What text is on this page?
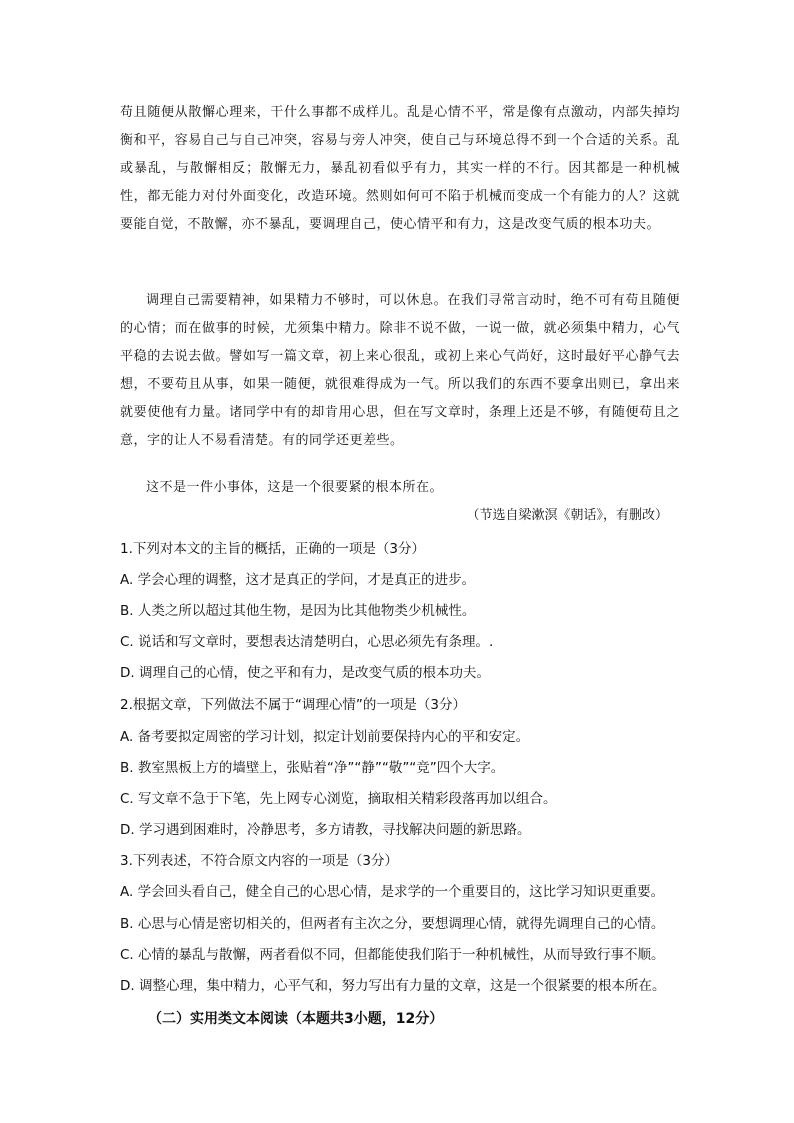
苟且随便从散懈心理来，干什么事都不成样儿。乱是心情不平，常是像有点激动，内部失掉均衡和平，容易自己与自己冲突，容易与旁人冲突，使自己与环境总得不到一个合适的关系。乱或暴乱，与散懈相反；散懈无力，暴乱初看似乎有力，其实一样的不行。因其都是一种机械性，都无能力对付外面变化，改造环境。然则如何可不陷于机械而变成一个有能力的人？这就要能自觉，不散懈，亦不暴乱，要调理自己，使心情平和有力，这是改变气质的根本功夫。

调理自己需要精神，如果精力不够时，可以休息。在我们寻常言动时，绝不可有苟且随便的心情；而在做事的时候，尤须集中精力。除非不说不做，一说一做，就必须集中精力，心气平稳的去说去做。譬如写一篇文章，初上来心很乱，或初上来心气尚好，这时最好平心静气去想，不要苟且从事，如果一随便，就很难得成为一气。所以我们的东西不要拿出则已，拿出来就要使他有力量。诸同学中有的却肯用心思，但在写文章时，条理上还是不够，有随便苟且之意，字的让人不易看清楚。有的同学还更差些。

这不是一件小事体，这是一个很要紧的根本所在。

（节选自梁漱溟《朝话》，有删改）
1.下列对本文的主旨的概括，正确的一项是（3分）
A. 学会心理的调整，这才是真正的学问，才是真正的进步。
B. 人类之所以超过其他生物，是因为比其他物类少机械性。
C. 说话和写文章时，要想表达清楚明白，心思必须先有条理。.
D. 调理自己的心情，使之平和有力，是改变气质的根本功夫。
2.根据文章，下列做法不属于“调理心情”的一项是（3分）
A. 备考要拟定周密的学习计划，拟定计划前要保持内心的平和安定。
B. 教室黑板上方的墙壁上，张贴着“净”“静”“敬”“竞”四个大字。
C. 写文章不急于下笔，先上网专心浏览，摘取相关精彩段落再加以组合。
D. 学习遇到困难时，冷静思考，多方请教，寻找解决问题的新思路。
3.下列表述，不符合原文内容的一项是（3分）
A. 学会回头看自己，健全自己的心思心情，是求学的一个重要目的，这比学习知识更重要。
B. 心思与心情是密切相关的，但两者有主次之分，要想调理心情，就得先调理自己的心情。
C. 心情的暴乱与散懈，两者看似不同，但都能使我们陷于一种机械性，从而导致行事不顺。
D. 调整心理，集中精力，心平气和，努力写出有力量的文章，这是一个很紧要的根本所在。
（二）实用类文本阅读（本题共3小题，12分）
